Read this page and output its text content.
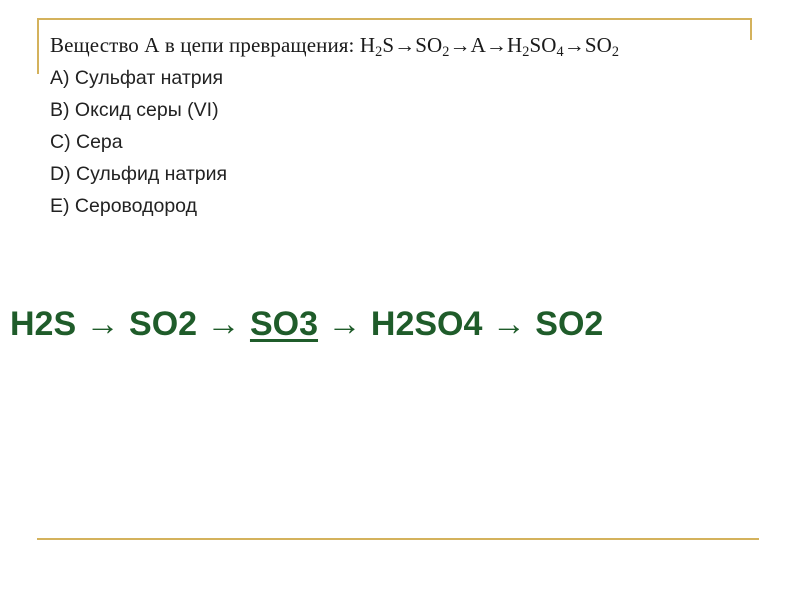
Вещество А в цепи превращения: $H_2S\to SO_2\to A\to H_2SO_4\to SO_2$
A) Сульфат натрия
B) Оксид серы (VI)
C) Сера
D) Сульфид натрия
E) Сероводород
H2S → SO2 → SO3 → H2SO4 → SO2
